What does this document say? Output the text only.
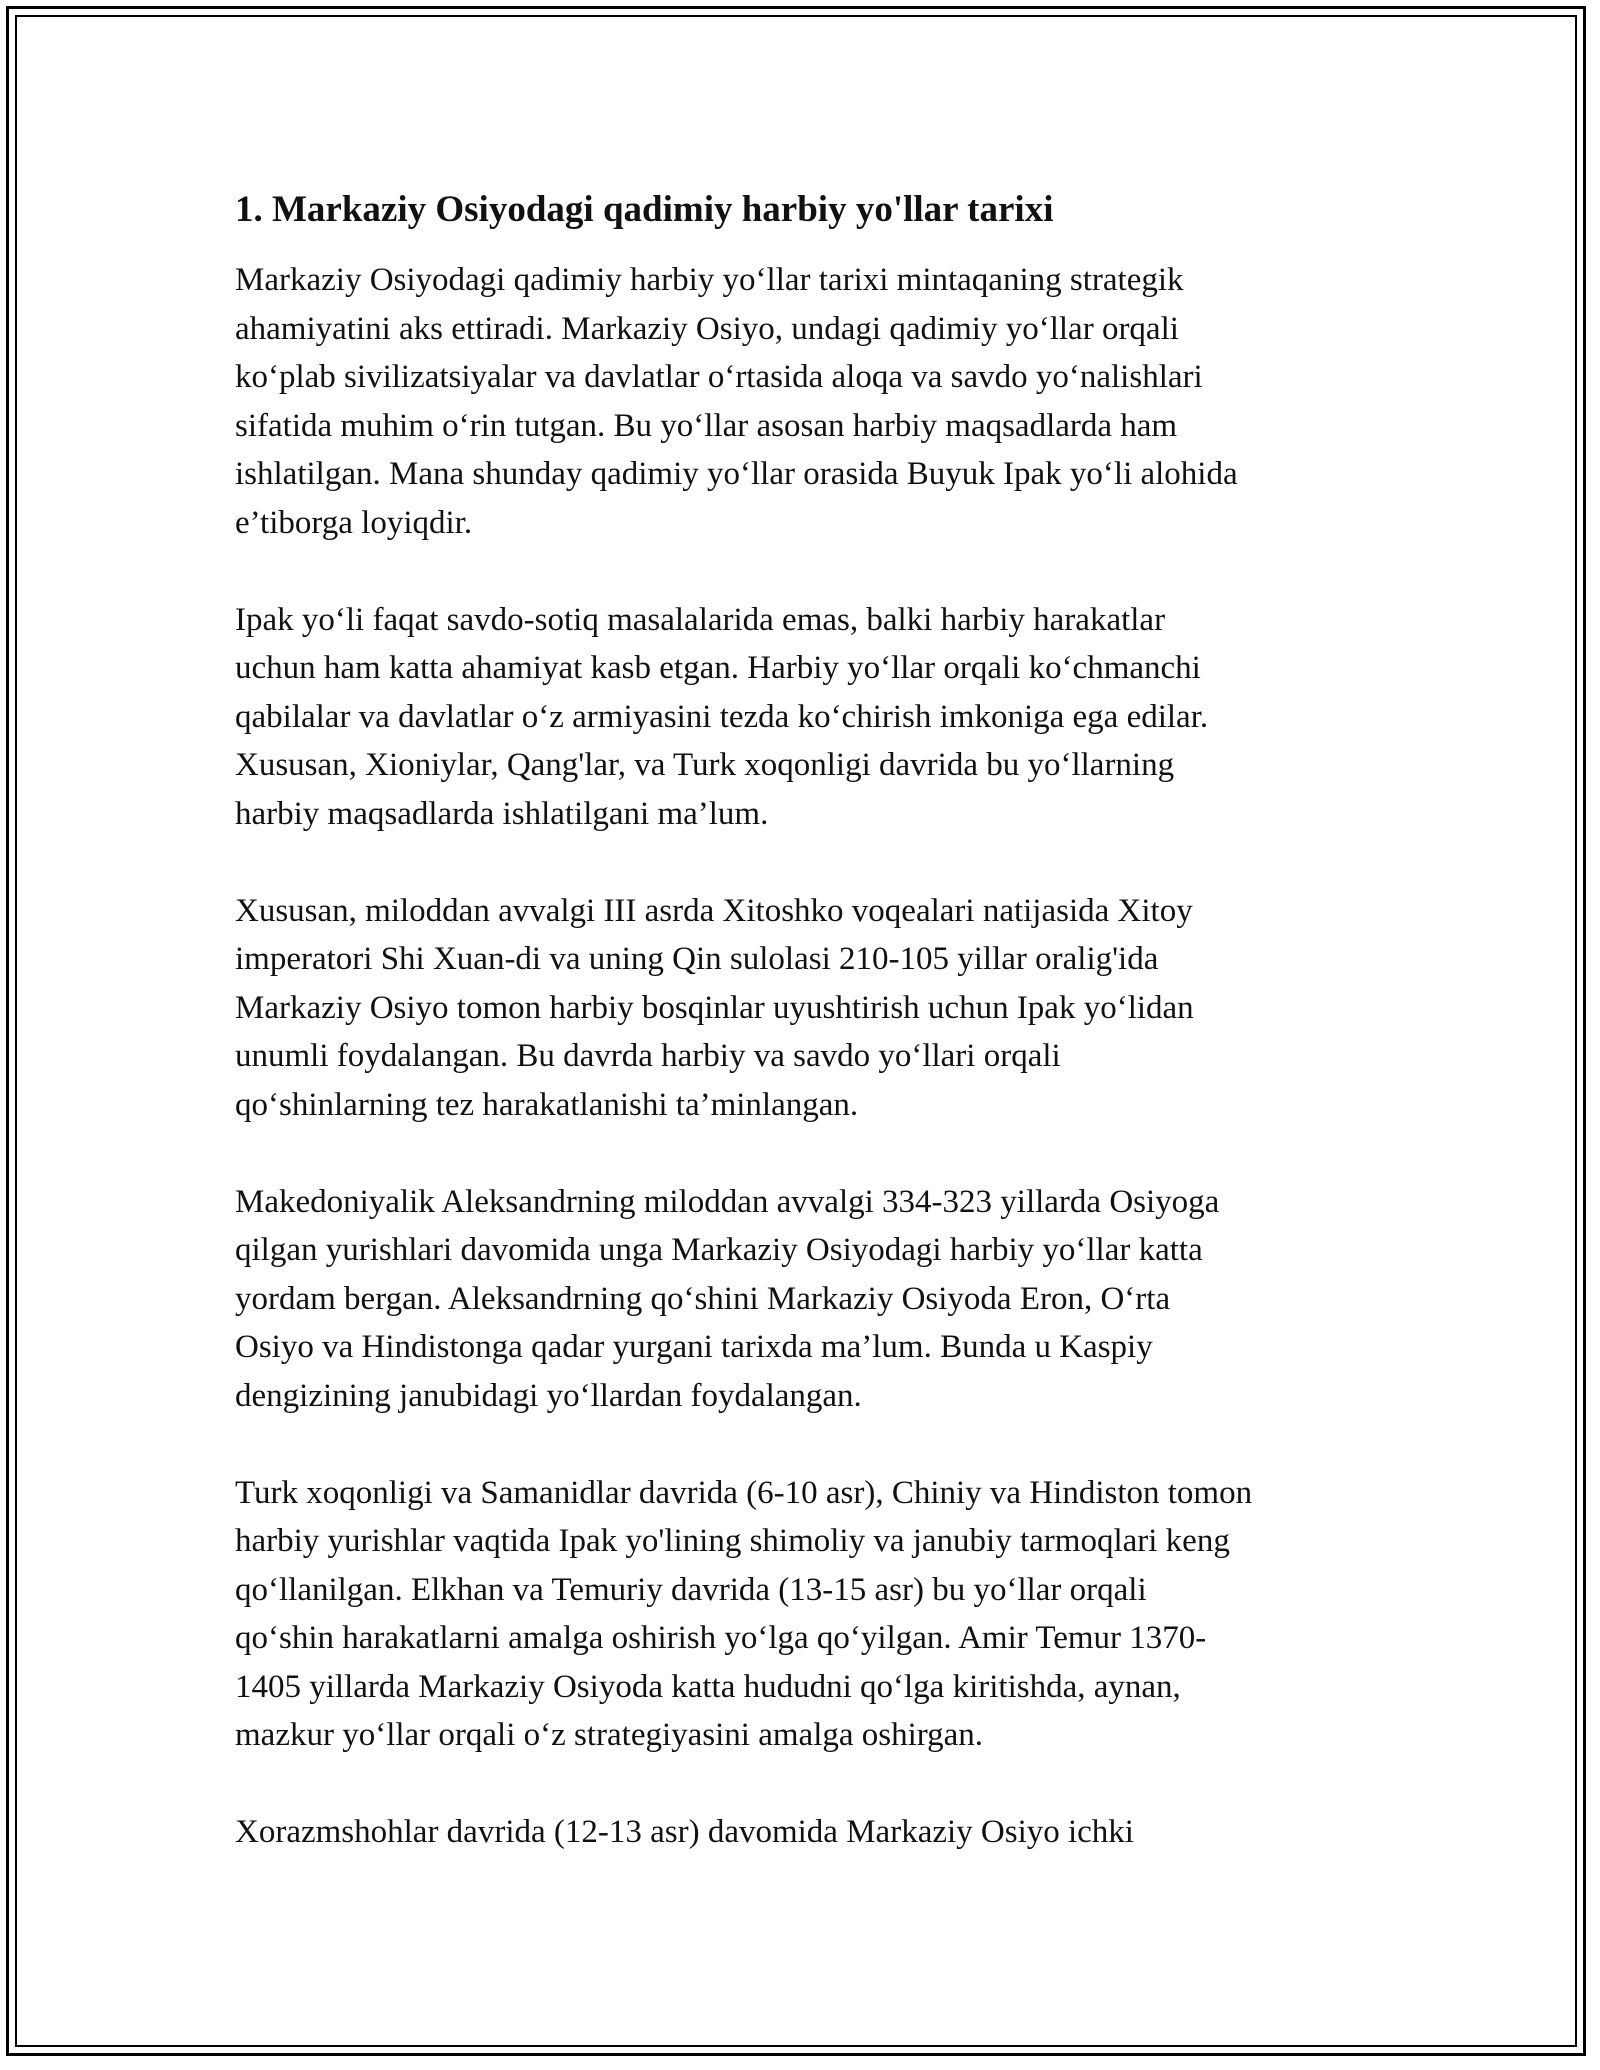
1. Markaziy Osiyodagi qadimiy harbiy yo'llar tarixi

Markaziy Osiyodagi qadimiy harbiy yo‘llar tarixi mintaqaning strategik
ahamiyatini aks ettiradi. Markaziy Osiyo, undagi qadimiy yo‘llar orqali
ko‘plab sivilizatsiyalar va davlatlar o‘rtasida aloqa va savdo yo‘nalishlari
sifatida muhim o‘rin tutgan. Bu yo‘llar asosan harbiy maqsadlarda ham
ishlatilgan. Mana shunday qadimiy yo‘llar orasida Buyuk Ipak yo‘li alohida
e’tiborga loyiqdir.

Ipak yo‘li faqat savdo-sotiq masalalarida emas, balki harbiy harakatlar
uchun ham katta ahamiyat kasb etgan. Harbiy yo‘llar orqali ko‘chmanchi
qabilalar va davlatlar o‘z armiyasini tezda ko‘chirish imkoniga ega edilar.
Xususan, Xioniylar, Qang'lar, va Turk xoqonligi davrida bu yo‘llarning
harbiy maqsadlarda ishlatilgani ma’lum.

Xususan, miloddan avvalgi III asrda Xitoshko voqealari natijasida Xitoy
imperatori Shi Xuan-di va uning Qin sulolasi 210-105 yillar oralig'ida
Markaziy Osiyo tomon harbiy bosqinlar uyushtirish uchun Ipak yo‘lidan
unumli foydalangan. Bu davrda harbiy va savdo yo‘llari orqali
qo‘shinlarning tez harakatlanishi ta’minlangan.

Makedoniyalik Aleksandrning miloddan avvalgi 334-323 yillarda Osiyoga
qilgan yurishlari davomida unga Markaziy Osiyodagi harbiy yo‘llar katta
yordam bergan. Aleksandrning qo‘shini Markaziy Osiyoda Eron, O‘rta
Osiyo va Hindistonga qadar yurgani tarixda ma’lum. Bunda u Kaspiy
dengizining janubidagi yo‘llardan foydalangan.

Turk xoqonligi va Samanidlar davrida (6-10 asr), Chiniy va Hindiston tomon
harbiy yurishlar vaqtida Ipak yo'lining shimoliy va janubiy tarmoqlari keng
qo‘llanilgan. Elkhan va Temuriy davrida (13-15 asr) bu yo‘llar orqali
qo‘shin harakatlarni amalga oshirish yo‘lga qo‘yilgan. Amir Temur 1370-
1405 yillarda Markaziy Osiyoda katta hududni qo‘lga kiritishda, aynan,
mazkur yo‘llar orqali o‘z strategiyasini amalga oshirgan.

Xorazmshohlar davrida (12-13 asr) davomida Markaziy Osiyo ichki
